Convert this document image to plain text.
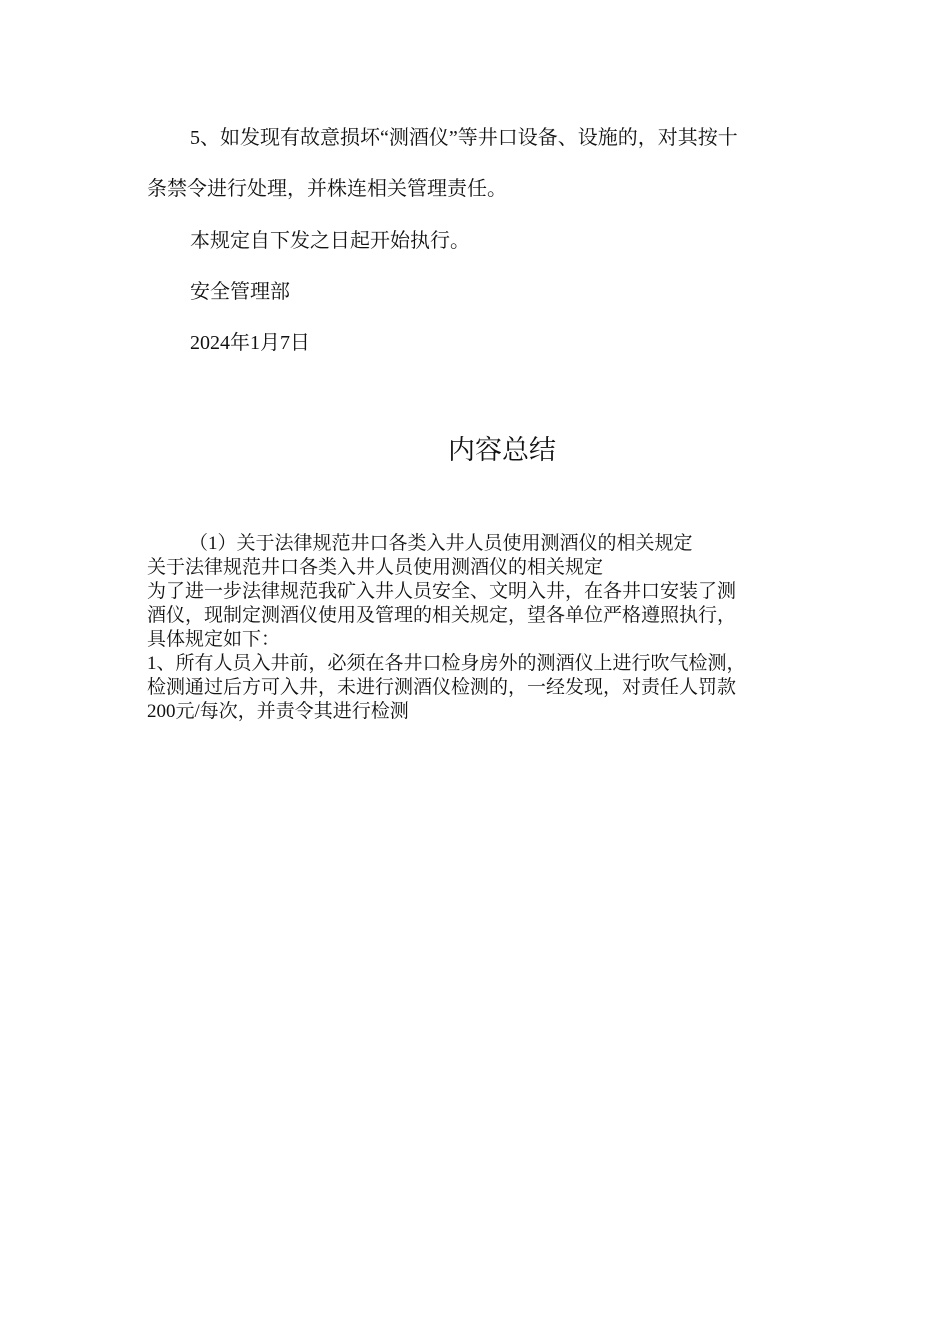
5、如发现有故意损坏“测酒仪”等井口设备、设施的，对其按十

条禁令进行处理，并株连相关管理责任。

本规定自下发之日起开始执行。

安全管理部

2024年1月7日

内容总结
（1）关于法律规范井口各类入井人员使用测酒仪的相关规定
关于法律规范井口各类入井人员使用测酒仪的相关规定
为了进一步法律规范我矿入井人员安全、文明入井，在各井口安装了测
酒仪，现制定测酒仪使用及管理的相关规定，望各单位严格遵照执行，
具体规定如下：
1、所有人员入井前，必须在各井口检身房外的测酒仪上进行吹气检测，
检测通过后方可入井，未进行测酒仪检测的，一经发现，对责任人罚款
200元/每次，并责令其进行检测
